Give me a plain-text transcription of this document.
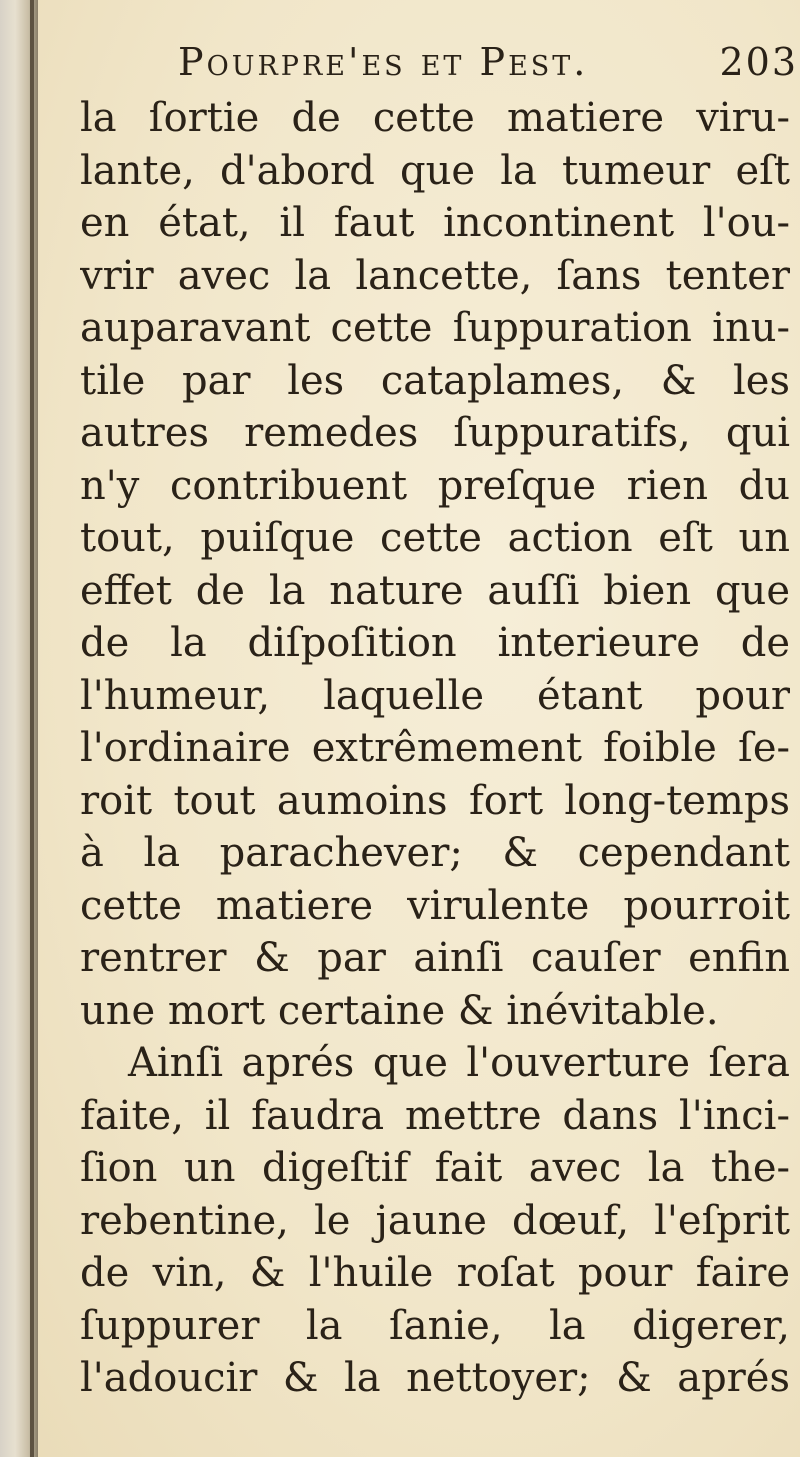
Pourpre'es et Pest.	203
la ſortie de cette matiere viru-
lante, d'abord que la tumeur eſt
en état, il faut incontinent l'ou-
vrir avec la lancette, ſans tenter
auparavant cette ſuppuration inu-
tile par les cataplames, & les
autres remedes ſuppuratifs, qui
n'y contribuent preſque rien du
tout, puiſque cette action eſt un
effet de la nature auſſi bien que
de la diſpoſition interieure de
l'humeur, laquelle étant pour
l'ordinaire extrêmement foible ſe-
roit tout aumoins fort long-temps
à la parachever; & cependant
cette matiere virulente pourroit
rentrer & par ainſi cauſer enfin
une mort certaine & inévitable.
Ainſi aprés que l'ouverture ſera
faite, il faudra mettre dans l'inci-
ſion un digeſtif fait avec la the-
rebentine, le jaune dœuf, l'eſprit
de vin, & l'huile roſat pour faire
ſuppurer la ſanie, la digerer,
l'adoucir & la nettoyer; & aprés
